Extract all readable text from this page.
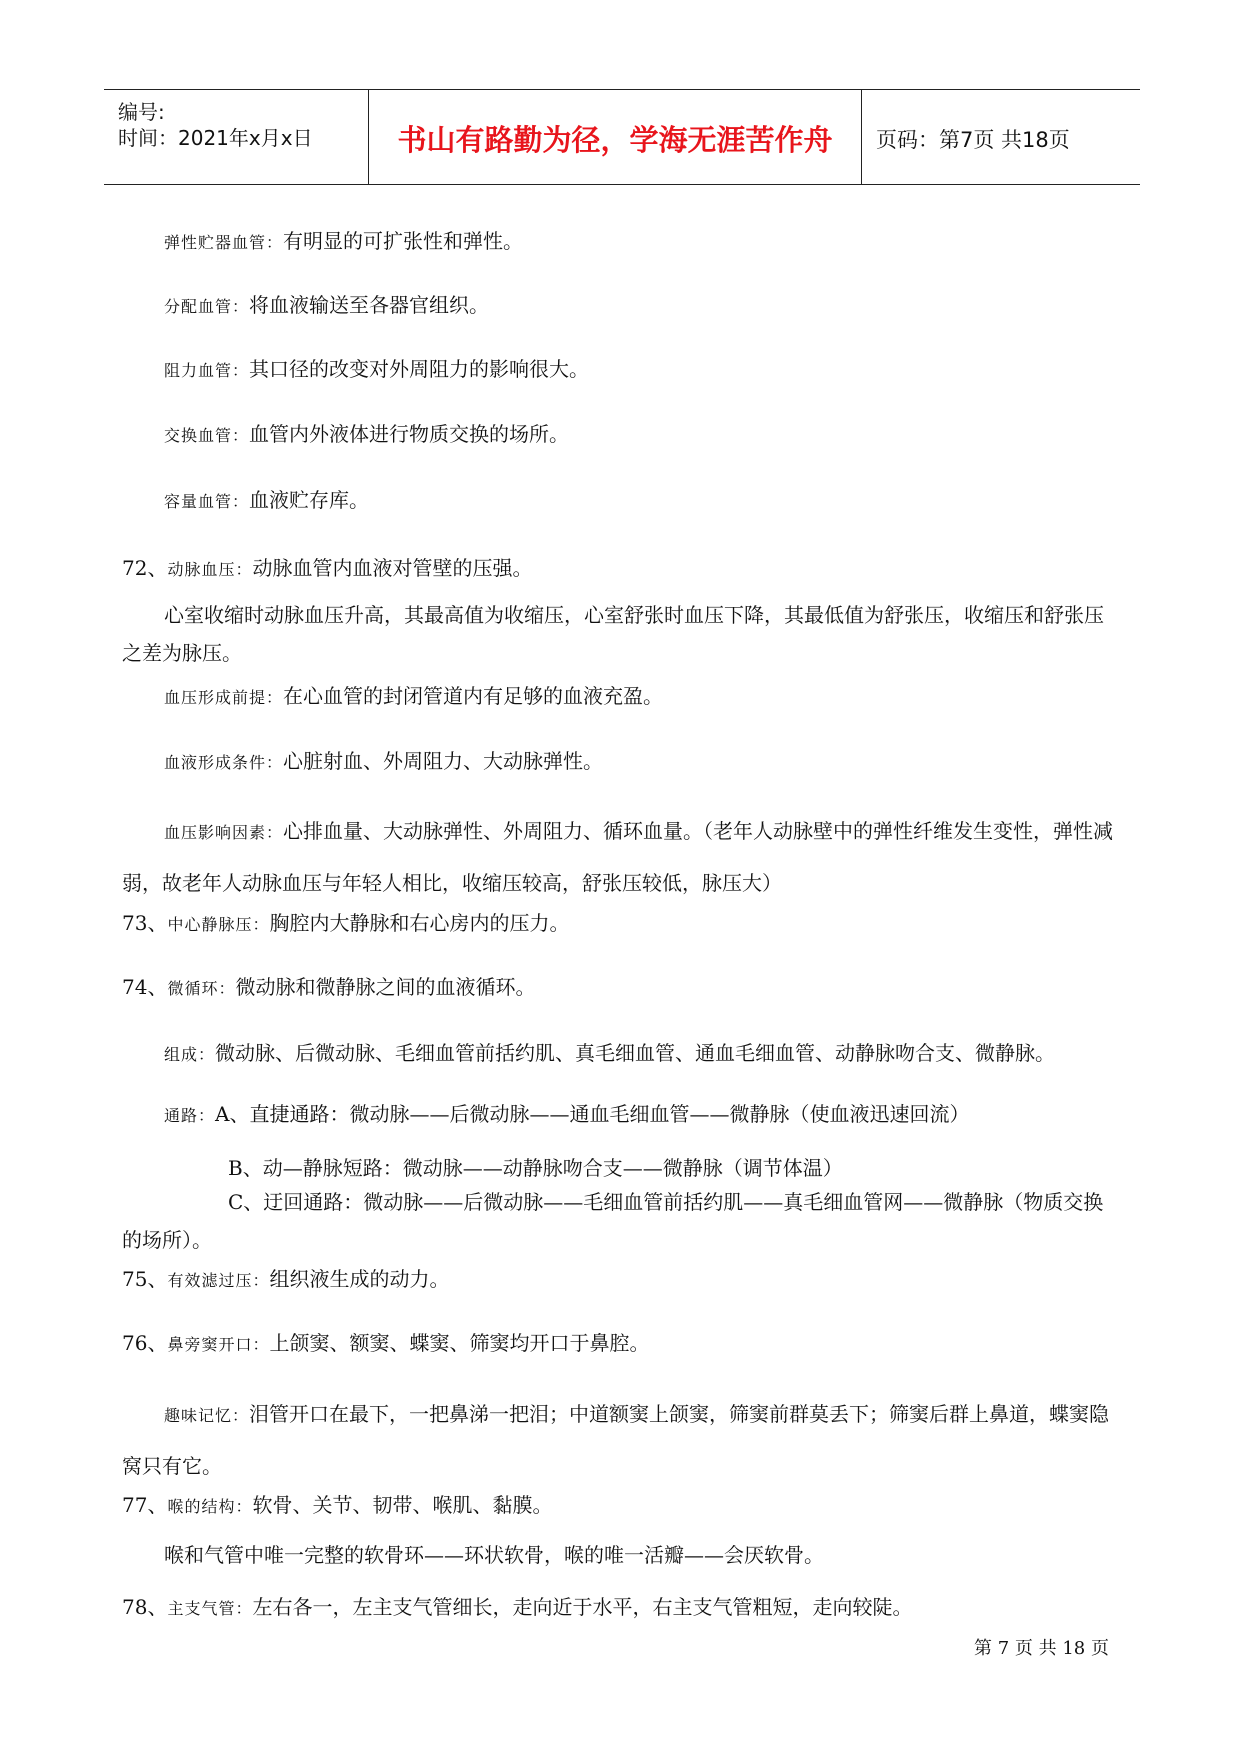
编号:
时间：2021年x月x日	书山有路勤为径，学海无涯苦作舟	页码：第7页 共18页
弹性贮器血管：有明显的可扩张性和弹性。
分配血管：将血液输送至各器官组织。
阻力血管：其口径的改变对外周阻力的影响很大。
交换血管：血管内外液体进行物质交换的场所。
容量血管：血液贮存库。
72、动脉血压：动脉血管内血液对管壁的压强。
心室收缩时动脉血压升高，其最高值为收缩压，心室舒张时血压下降，其最低值为舒张压，收缩压和舒张压之差为脉压。
血压形成前提：在心血管的封闭管道内有足够的血液充盈。
血液形成条件：心脏射血、外周阻力、大动脉弹性。
血压影响因素：心排血量、大动脉弹性、外周阻力、循环血量。（老年人动脉壁中的弹性纤维发生变性，弹性减弱，故老年人动脉血压与年轻人相比，收缩压较高，舒张压较低，脉压大）
73、中心静脉压：胸腔内大静脉和右心房内的压力。
74、微循环：微动脉和微静脉之间的血液循环。
组成：微动脉、后微动脉、毛细血管前括约肌、真毛细血管、通血毛细血管、动静脉吻合支、微静脉。
通路：A、直捷通路：微动脉——后微动脉——通血毛细血管——微静脉（使血液迅速回流）
B、动—静脉短路：微动脉——动静脉吻合支——微静脉（调节体温）
C、迂回通路：微动脉——后微动脉——毛细血管前括约肌——真毛细血管网——微静脉（物质交换的场所）。
75、有效滤过压：组织液生成的动力。
76、鼻旁窦开口：上颌窦、额窦、蝶窦、筛窦均开口于鼻腔。
趣味记忆：泪管开口在最下，一把鼻涕一把泪；中道额窦上颌窦，筛窦前群莫丢下；筛窦后群上鼻道，蝶窦隐窝只有它。
77、喉的结构：软骨、关节、韧带、喉肌、黏膜。
喉和气管中唯一完整的软骨环——环状软骨，喉的唯一活瓣——会厌软骨。
78、主支气管：左右各一，左主支气管细长，走向近于水平，右主支气管粗短，走向较陡。
第 7 页 共 18 页
